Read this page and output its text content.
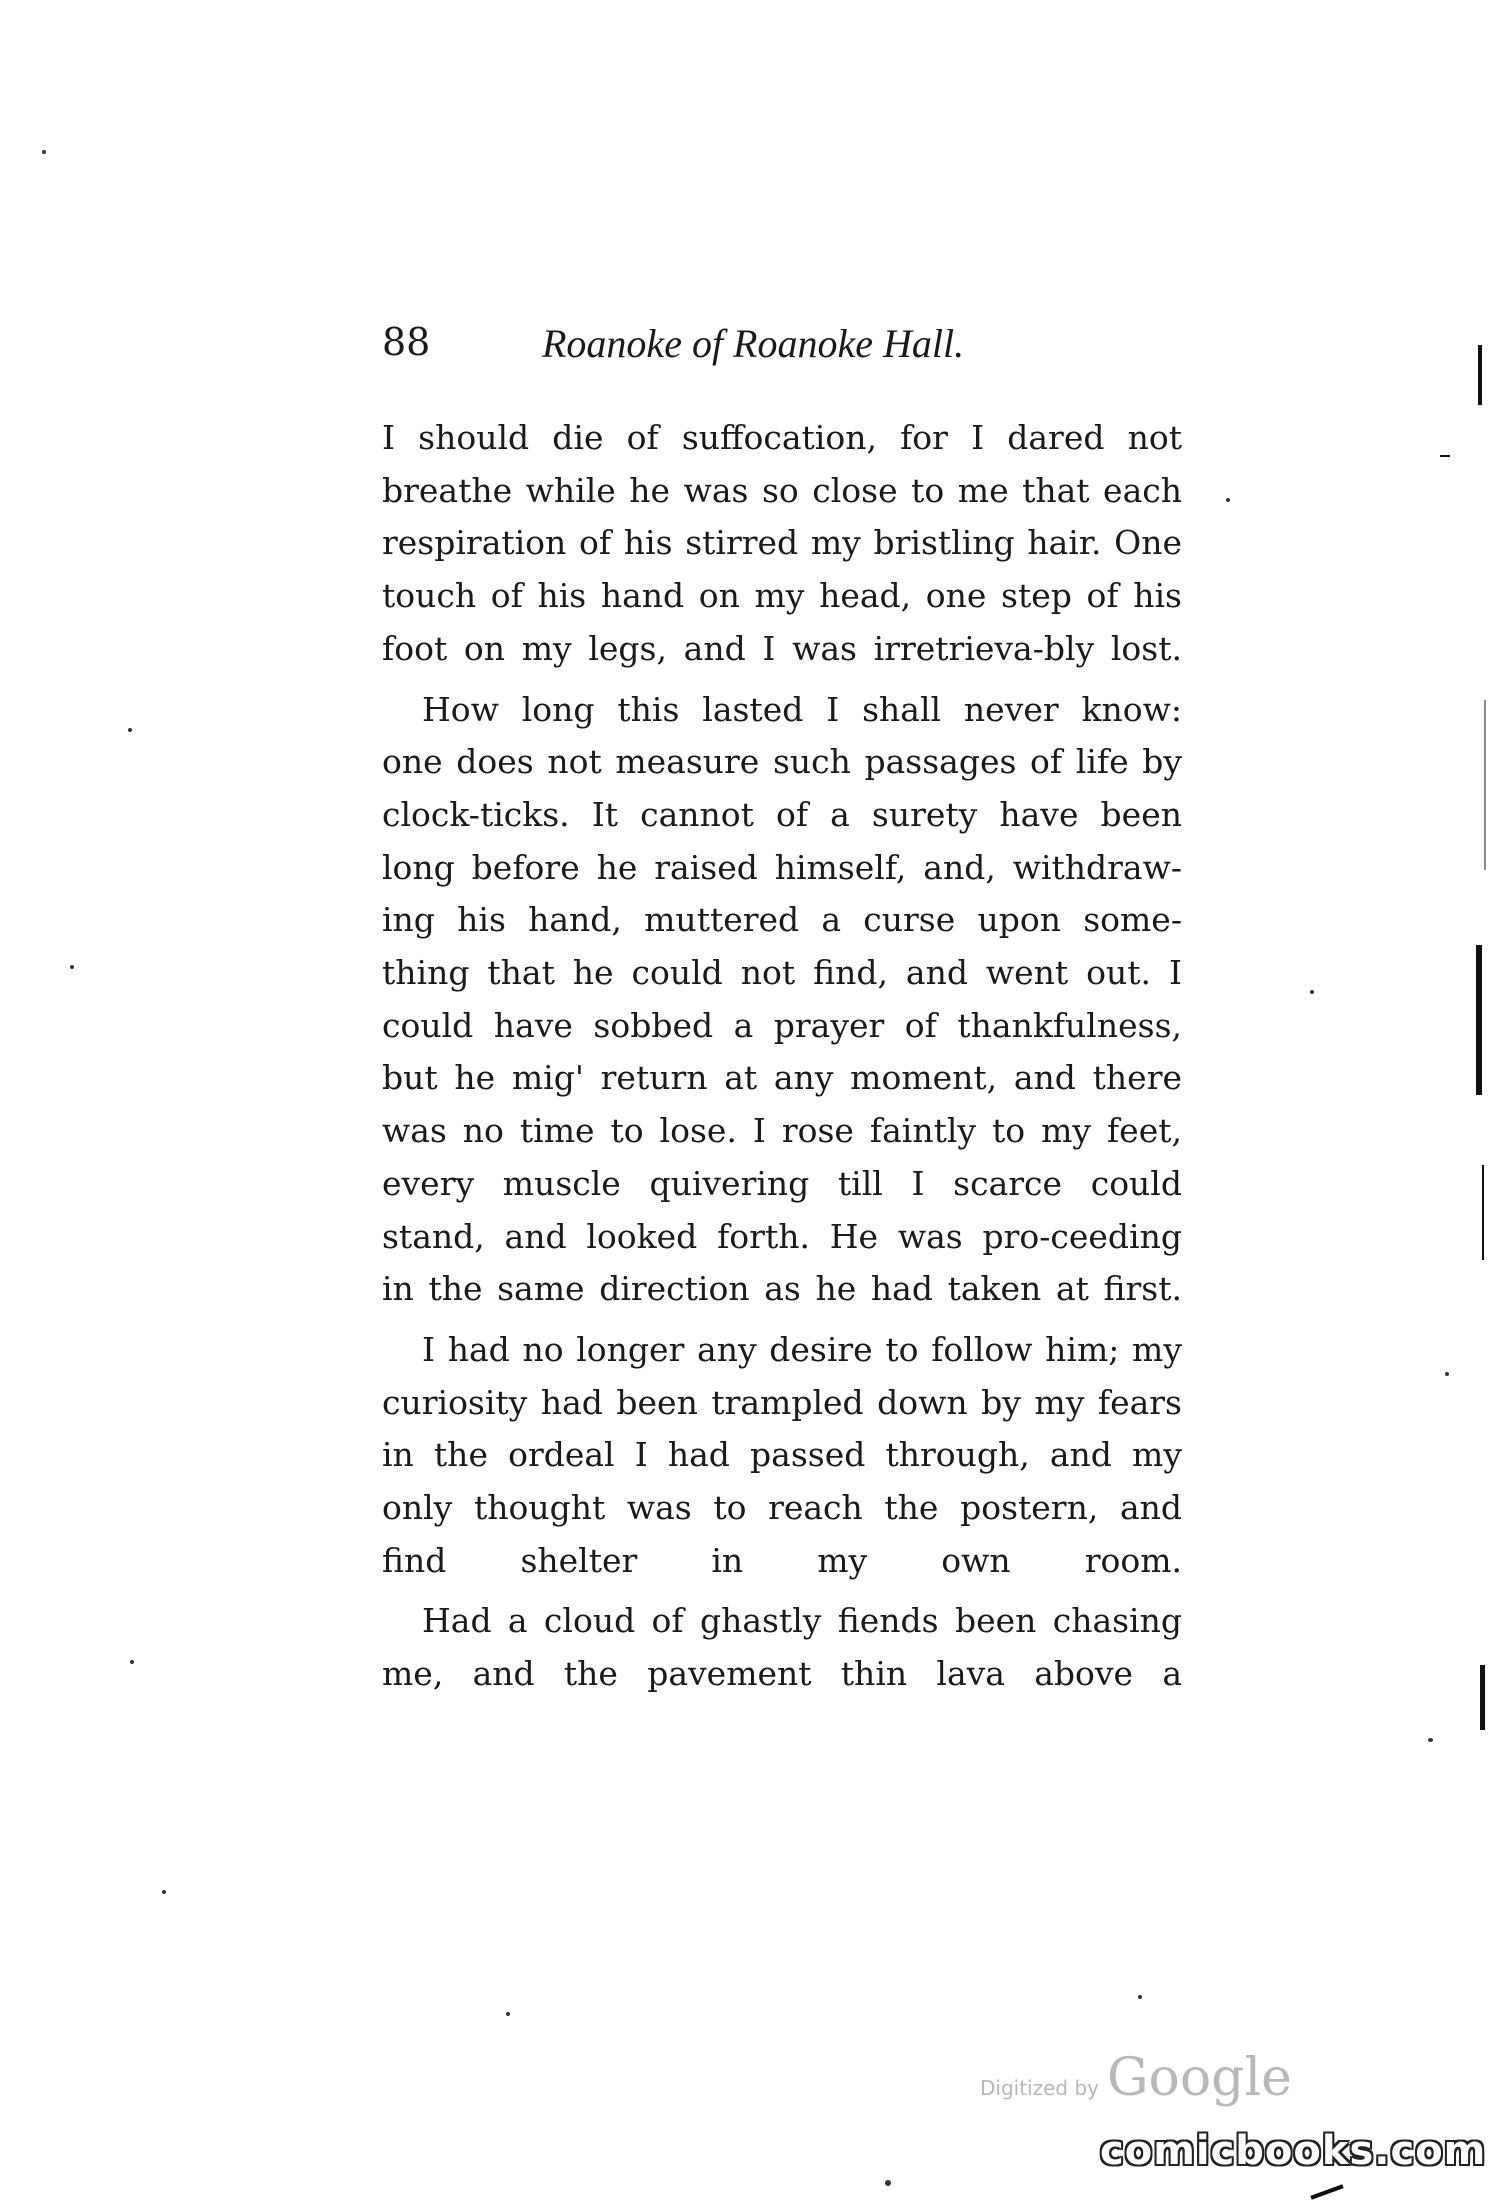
88	Roanoke of Roanoke Hall.

I should die of suffocation, for I dared not breathe while he was so close to me that each respiration of his stirred my bristling hair. One touch of his hand on my head, one step of his foot on my legs, and I was irretrieva-bly lost.

How long this lasted I shall never know: one does not measure such passages of life by clock-ticks. It cannot of a surety have been long before he raised himself, and, withdraw-ing his hand, muttered a curse upon some-thing that he could not find, and went out. I could have sobbed a prayer of thankfulness, but he mig' return at any moment, and there was no time to lose. I rose faintly to my feet, every muscle quivering till I scarce could stand, and looked forth. He was pro-ceeding in the same direction as he had taken at first.

I had no longer any desire to follow him; my curiosity had been trampled down by my fears in the ordeal I had passed through, and my only thought was to reach the postern, and find shelter in my own room.

Had a cloud of ghastly fiends been chasing me, and the pavement thin lava above a

Digitized by Google
comicbooks.com
